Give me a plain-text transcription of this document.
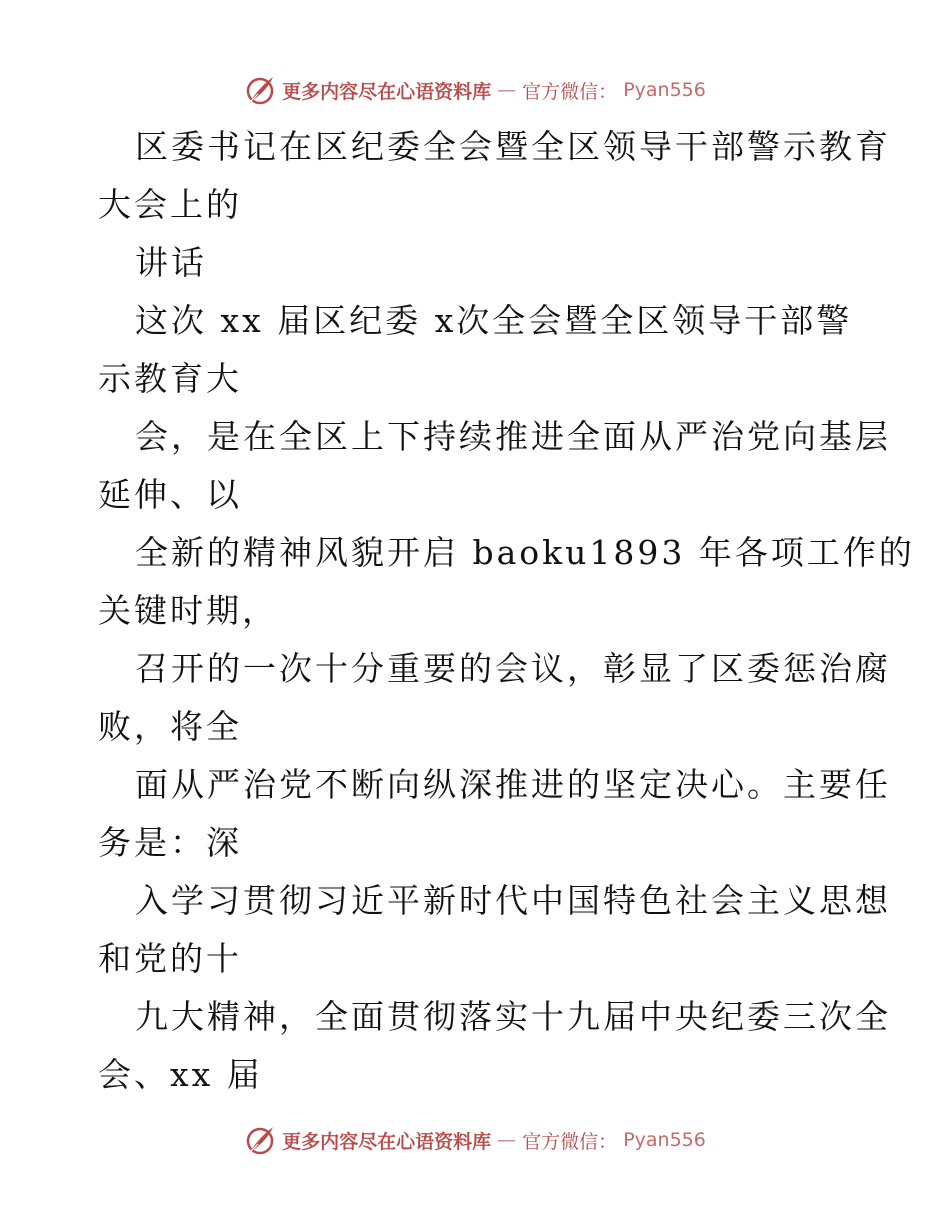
更多内容尽在心语资料库 — 官方微信： Pyan556
区委书记在区纪委全会暨全区领导干部警示教育
大会上的
讲话
这次 xx 届区纪委 x次全会暨全区领导干部警
示教育大
会，是在全区上下持续推进全面从严治党向基层
延伸、以
全新的精神风貌开启 baoku1893 年各项工作的
关键时期，
召开的一次十分重要的会议，彰显了区委惩治腐
败，将全
面从严治党不断向纵深推进的坚定决心。主要任
务是：深
入学习贯彻习近平新时代中国特色社会主义思想
和党的十
九大精神，全面贯彻落实十九届中央纪委三次全
会、xx 届
更多内容尽在心语资料库 — 官方微信： Pyan556
